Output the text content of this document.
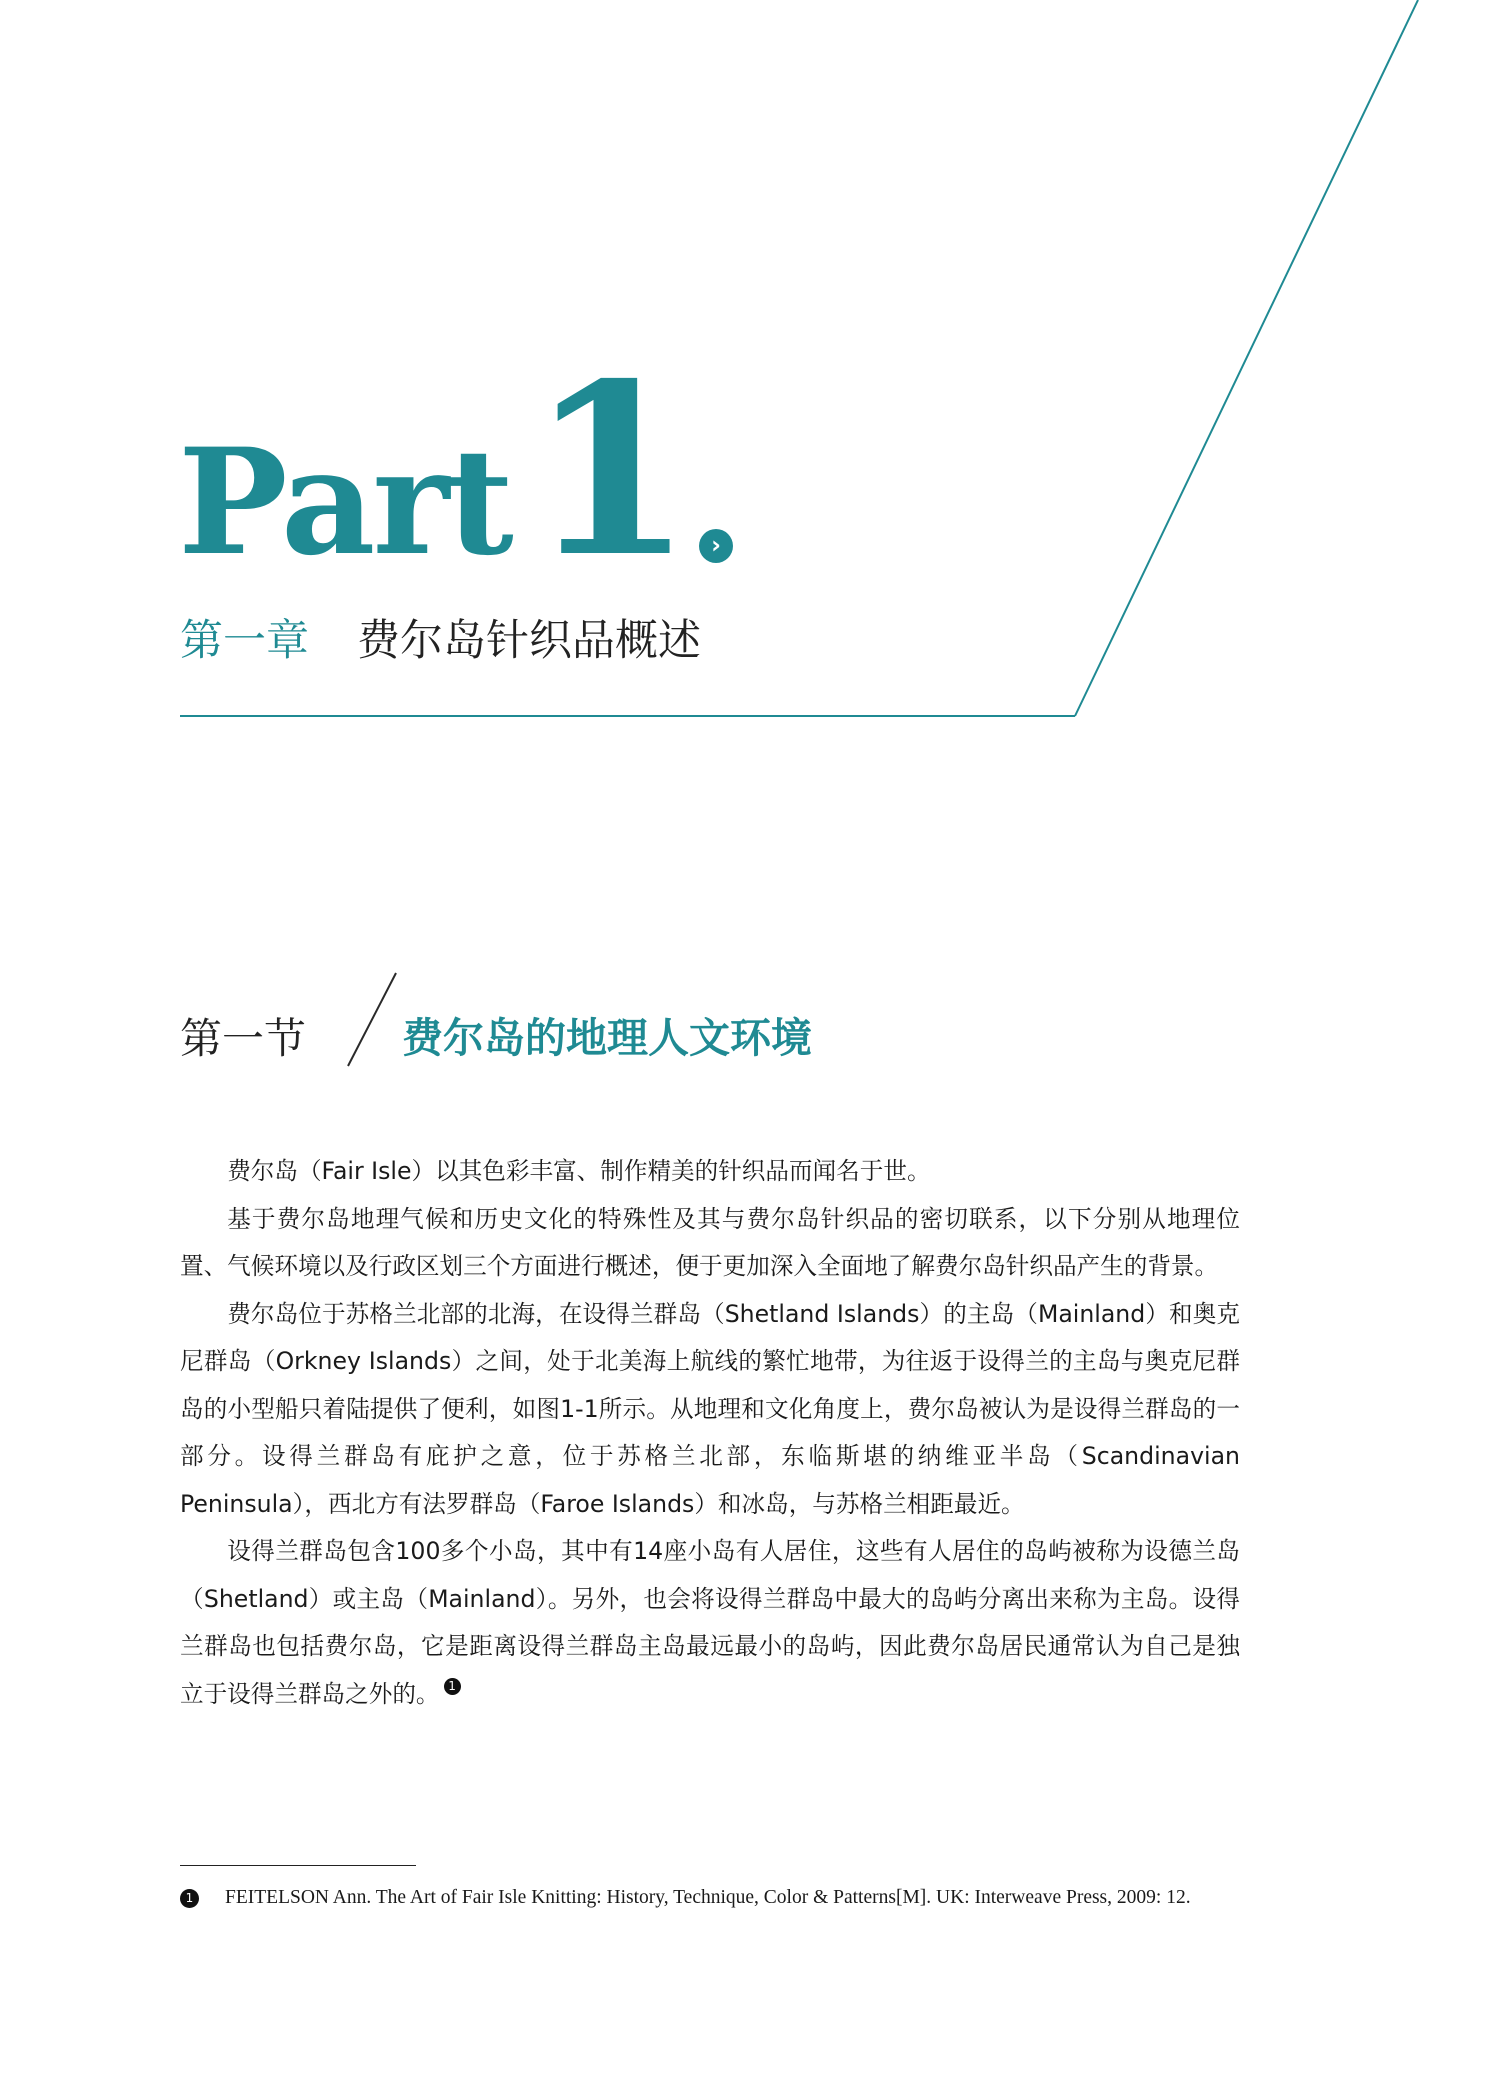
Part1 ›
第一章 费尔岛针织品概述
第一节 费尔岛的地理人文环境

费尔岛（Fair Isle）以其色彩丰富、制作精美的针织品而闻名于世。

基于费尔岛地理气候和历史文化的特殊性及其与费尔岛针织品的密切联系，以下分别从地理位置、气候环境以及行政区划三个方面进行概述，便于更加深入全面地了解费尔岛针织品产生的背景。

费尔岛位于苏格兰北部的北海，在设得兰群岛（Shetland Islands）的主岛（Mainland）和奥克尼群岛（Orkney Islands）之间，处于北美海上航线的繁忙地带，为往返于设得兰的主岛与奥克尼群岛的小型船只着陆提供了便利，如图1-1所示。从地理和文化角度上，费尔岛被认为是设得兰群岛的一部分。设得兰群岛有庇护之意，位于苏格兰北部，东临斯堪的纳维亚半岛（Scandinavian Peninsula），西北方有法罗群岛（Faroe Islands）和冰岛，与苏格兰相距最近。

设得兰群岛包含100多个小岛，其中有14座小岛有人居住，这些有人居住的岛屿被称为设德兰岛（Shetland）或主岛（Mainland）。另外，也会将设得兰群岛中最大的岛屿分离出来称为主岛。设得兰群岛也包括费尔岛，它是距离设得兰群岛主岛最远最小的岛屿，因此费尔岛居民通常认为自己是独立于设得兰群岛之外的。 1

1 FEITELSON Ann. The Art of Fair Isle Knitting: History, Technique, Color & Patterns[M]. UK: Interweave Press, 2009: 12.
